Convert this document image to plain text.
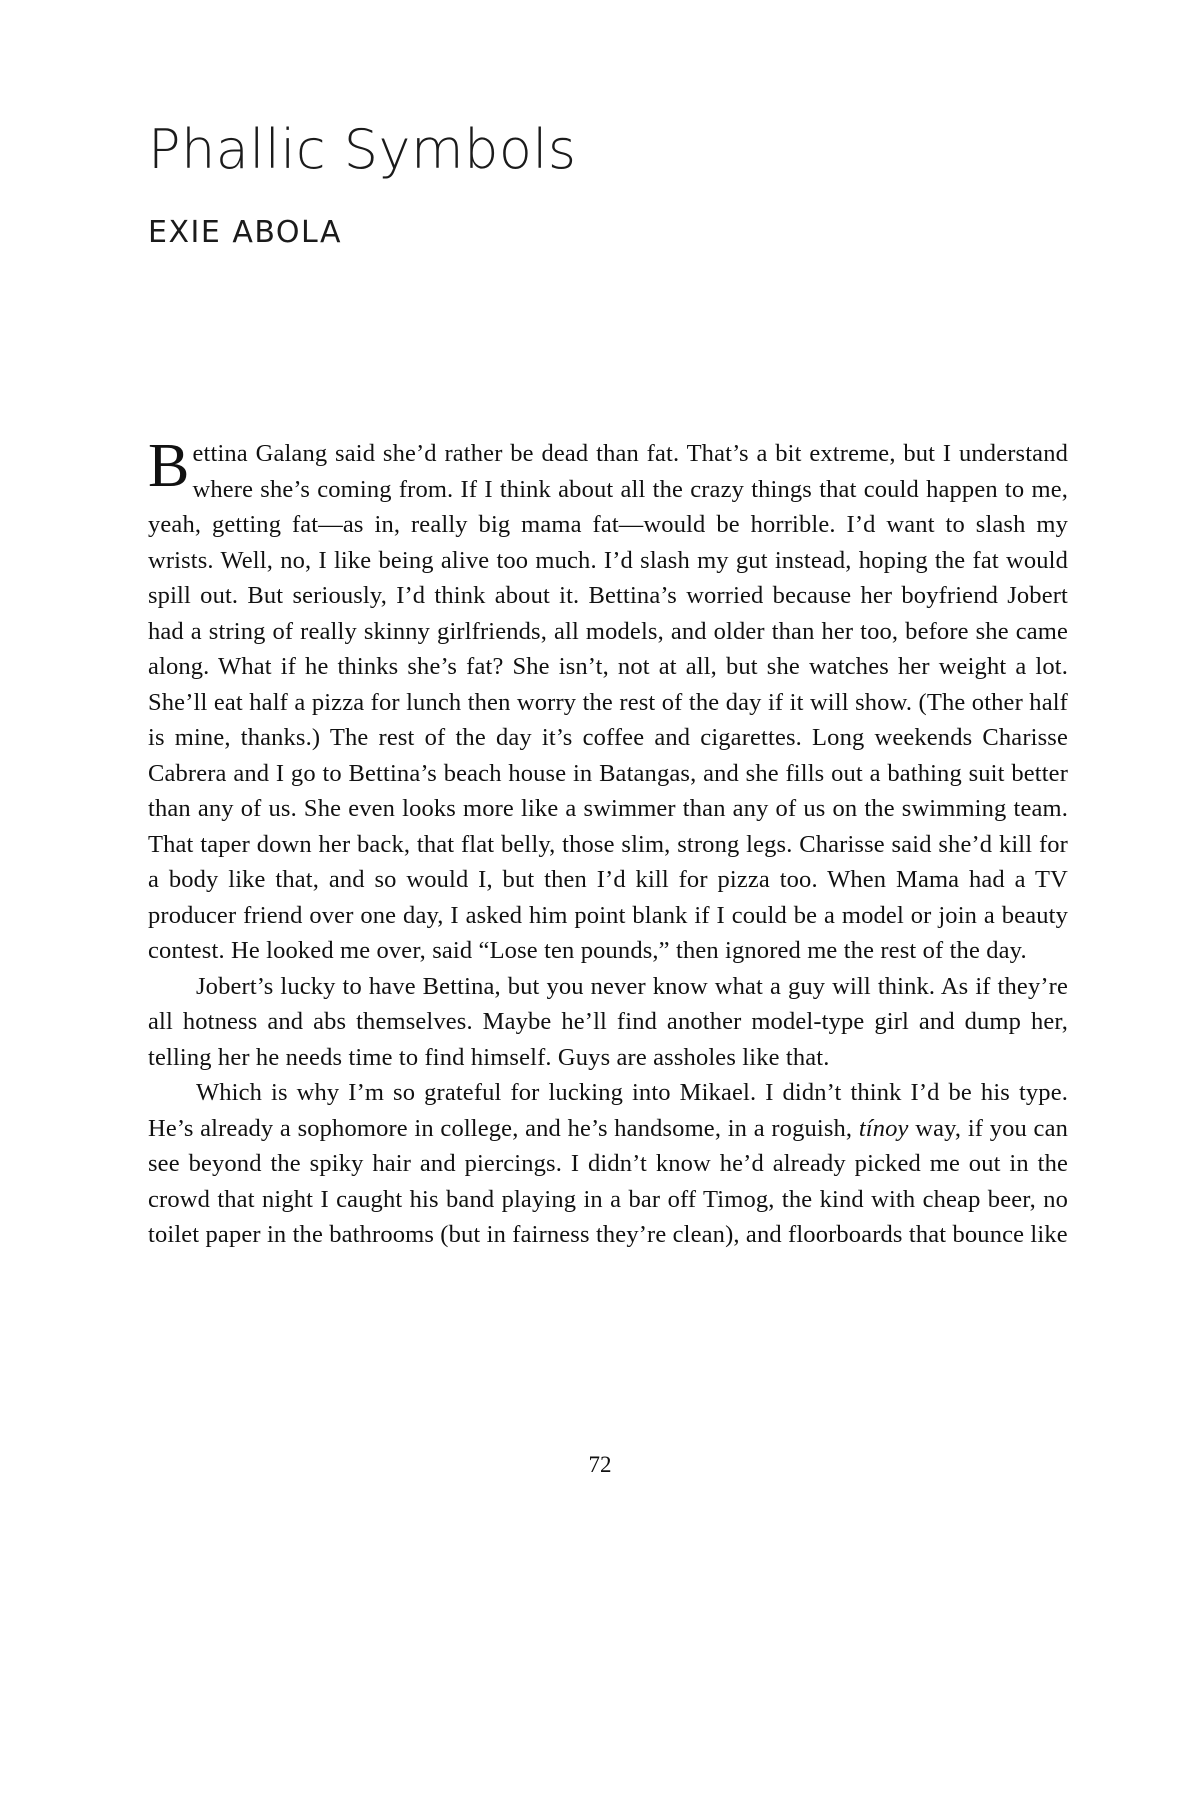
Phallic Symbols
EXIE ABOLA

Bettina Galang said she’d rather be dead than fat. That’s a bit extreme, but I understand where she’s coming from. If I think about all the crazy things that could happen to me, yeah, getting fat—as in, really big mama fat—would be horrible. I’d want to slash my wrists. Well, no, I like being alive too much. I’d slash my gut instead, hoping the fat would spill out. But seriously, I’d think about it. Bettina’s worried because her boyfriend Jobert had a string of really skinny girlfriends, all models, and older than her too, before she came along. What if he thinks she’s fat? She isn’t, not at all, but she watches her weight a lot. She’ll eat half a pizza for lunch then worry the rest of the day if it will show. (The other half is mine, thanks.) The rest of the day it’s coffee and cigarettes. Long weekends Charisse Cabrera and I go to Bettina’s beach house in Batangas, and she fills out a bathing suit better than any of us. She even looks more like a swimmer than any of us on the swimming team. That taper down her back, that flat belly, those slim, strong legs. Charisse said she’d kill for a body like that, and so would I, but then I’d kill for pizza too. When Mama had a TV producer friend over one day, I asked him point blank if I could be a model or join a beauty contest. He looked me over, said “Lose ten pounds,” then ignored me the rest of the day.

Jobert’s lucky to have Bettina, but you never know what a guy will think. As if they’re all hotness and abs themselves. Maybe he’ll find another model-type girl and dump her, telling her he needs time to find himself. Guys are assholes like that.

Which is why I’m so grateful for lucking into Mikael. I didn’t think I’d be his type. He’s already a sophomore in college, and he’s handsome, in a roguish, tínoy way, if you can see beyond the spiky hair and piercings. I didn’t know he’d already picked me out in the crowd that night I caught his band playing in a bar off Timog, the kind with cheap beer, no toilet paper in the bathrooms (but in fairness they’re clean), and floorboards that bounce like

72
